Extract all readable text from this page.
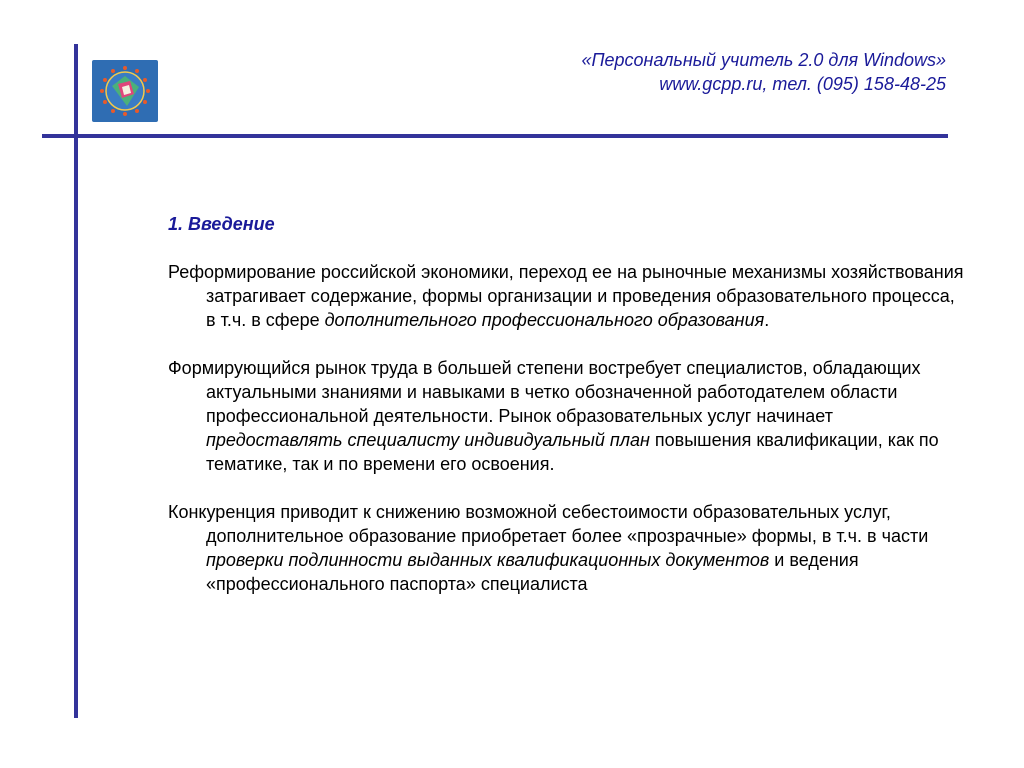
«Персональный учитель 2.0 для Windows»
www.gcpp.ru, тел. (095) 158-48-25
1. Введение

Реформирование российской экономики, переход ее на рыночные механизмы хозяйствования затрагивает содержание, формы организации и проведения образовательного процесса, в т.ч. в сфере дополнительного профессионального образования.

Формирующийся рынок труда в большей степени востребует специалистов, обладающих актуальными знаниями и навыками в четко обозначенной работодателем области профессиональной деятельности. Рынок образовательных услуг начинает предоставлять специалисту индивидуальный план повышения квалификации, как по тематике, так и по времени его освоения.

Конкуренция приводит к снижению возможной себестоимости образовательных услуг, дополнительное образование приобретает более «прозрачные» формы, в т.ч. в части проверки подлинности выданных квалификационных документов и ведения «профессионального паспорта» специалиста
